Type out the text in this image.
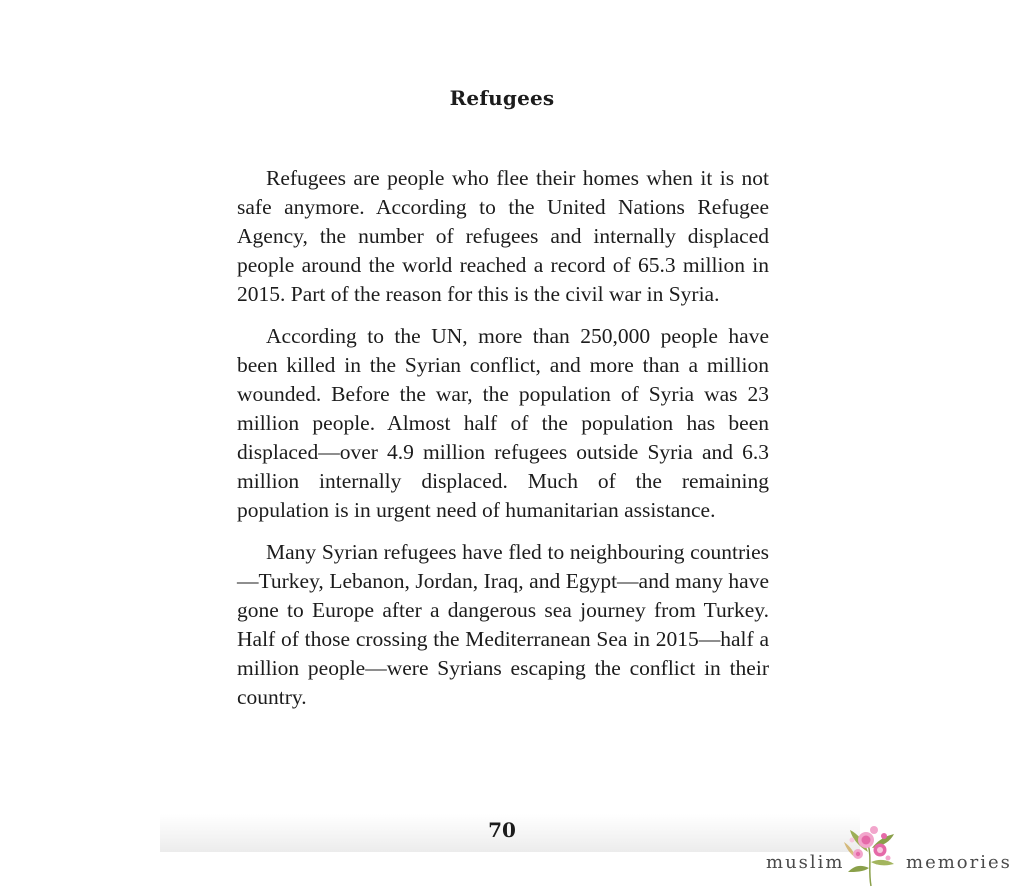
Refugees

Refugees are people who flee their homes when it is not safe anymore. According to the United Nations Refugee Agency, the number of refugees and internally displaced people around the world reached a record of 65.3 million in 2015. Part of the reason for this is the civil war in Syria.

According to the UN, more than 250,000 people have been killed in the Syrian conflict, and more than a million wounded. Before the war, the population of Syria was 23 million people. Almost half of the population has been displaced—over 4.9 million refugees outside Syria and 6.3 million internally displaced. Much of the remaining population is in urgent need of humanitarian assistance.

Many Syrian refugees have fled to neighbouring countries—Turkey, Lebanon, Jordan, Iraq, and Egypt—and many have gone to Europe after a dangerous sea journey from Turkey. Half of those crossing the Mediterranean Sea in 2015—half a million people—were Syrians escaping the conflict in their country.

70
muslim	memories
